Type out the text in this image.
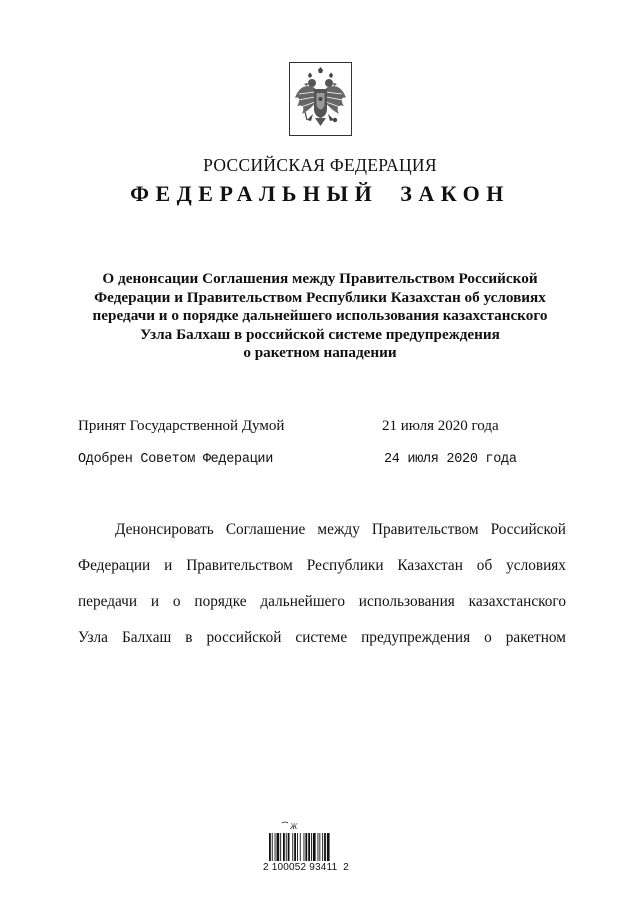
РОССИЙСКАЯ ФЕДЕРАЦИЯ
ФЕДЕРАЛЬНЫЙ ЗАКОН
О денонсации Соглашения между Правительством Российской
Федерации и Правительством Республики Казахстан об условиях
передачи и о порядке дальнейшего использования казахстанского
Узла Балхаш в российской системе предупреждения
о ракетном нападении
Принят Государственной Думой	21 июля 2020 года
Одобрен Советом Федерации	24 июля 2020 года
Денонсировать Соглашение между Правительством Российской
Федерации и Правительством Республики Казахстан об условиях
передачи и о порядке дальнейшего использования казахстанского
Узла Балхаш в российской системе предупреждения о ракетном
Ж
2 100052 93411  2
